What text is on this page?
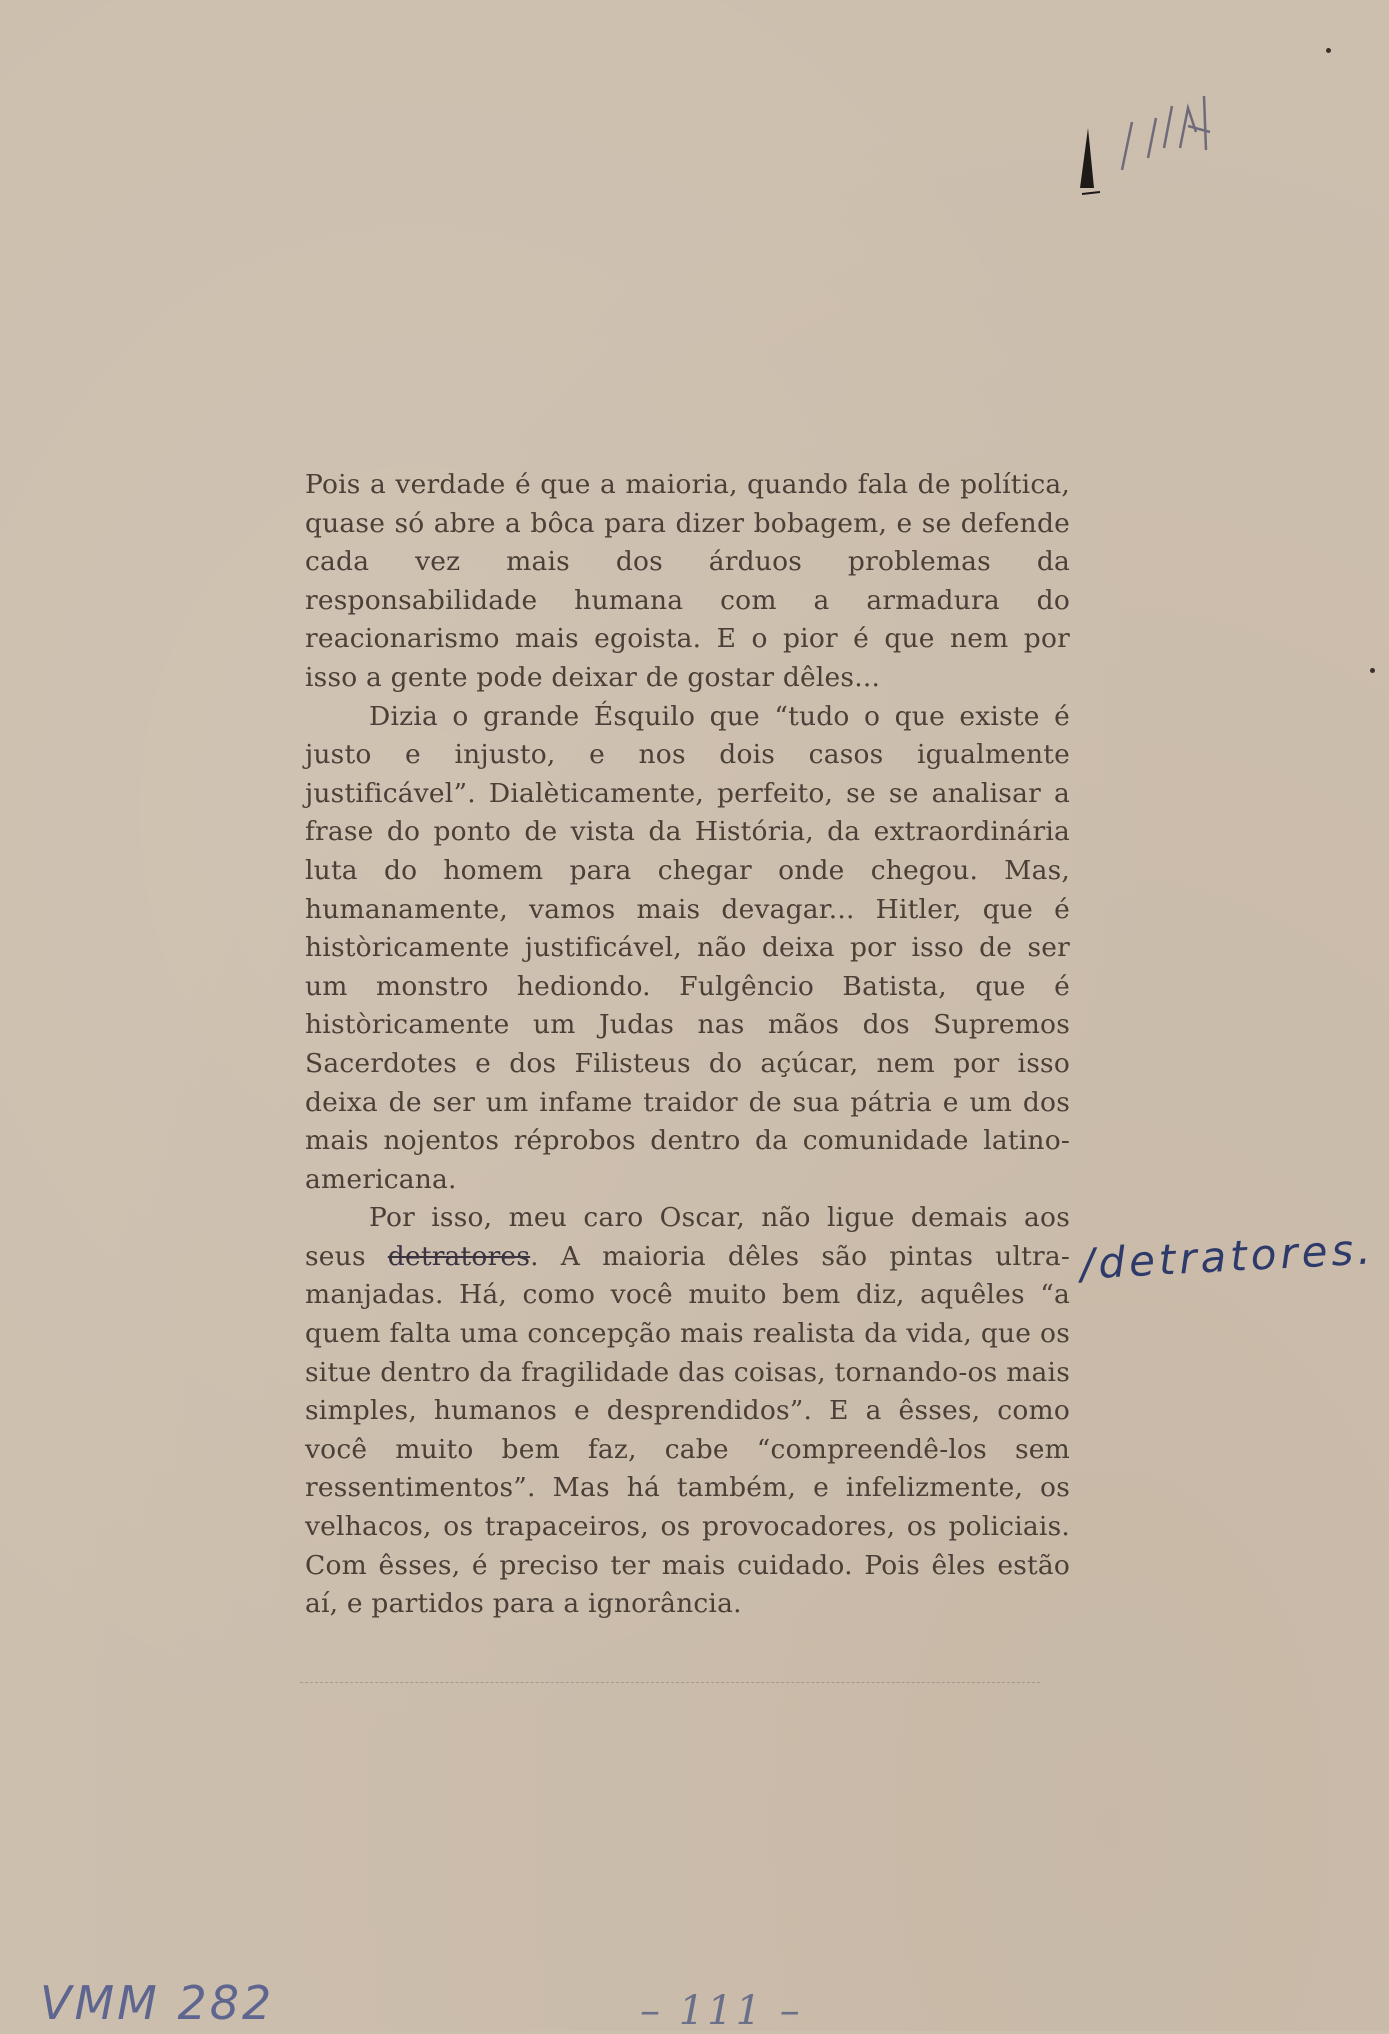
Pois a verdade é que a maioria, quando fala de política, quase só abre a bôca para dizer bobagem, e se defende cada vez mais dos árduos problemas da responsabilidade humana com a armadura do reacionarismo mais egoista. E o pior é que nem por isso a gente pode deixar de gostar dêles...

Dizia o grande Ésquilo que “tudo o que existe é justo e injusto, e nos dois casos igualmente justificável”. Dialèticamente, perfeito, se se analisar a frase do ponto de vista da História, da extraordinária luta do homem para chegar onde chegou. Mas, humanamente, vamos mais devagar... Hitler, que é històricamente justificável, não deixa por isso de ser um monstro hediondo. Fulgêncio Batista, que é històricamente um Judas nas mãos dos Supremos Sacerdotes e dos Filisteus do açúcar, nem por isso deixa de ser um infame traidor de sua pátria e um dos mais nojentos réprobos dentro da comunidade latino-americana.

Por isso, meu caro Oscar, não ligue demais aos seus detratores. A maioria dêles são pintas ultra-manjadas. Há, como você muito bem diz, aquêles “a quem falta uma concepção mais realista da vida, que os situe dentro da fragilidade das coisas, tornando-os mais simples, humanos e desprendidos”. E a êsses, como você muito bem faz, cabe “compreendê-los sem ressentimentos”. Mas há também, e infelizmente, os velhacos, os trapaceiros, os provocadores, os policiais. Com êsses, é preciso ter mais cuidado. Pois êles estão aí, e partidos para a ignorância.

/detratores.
VMM 282	– 111 –
